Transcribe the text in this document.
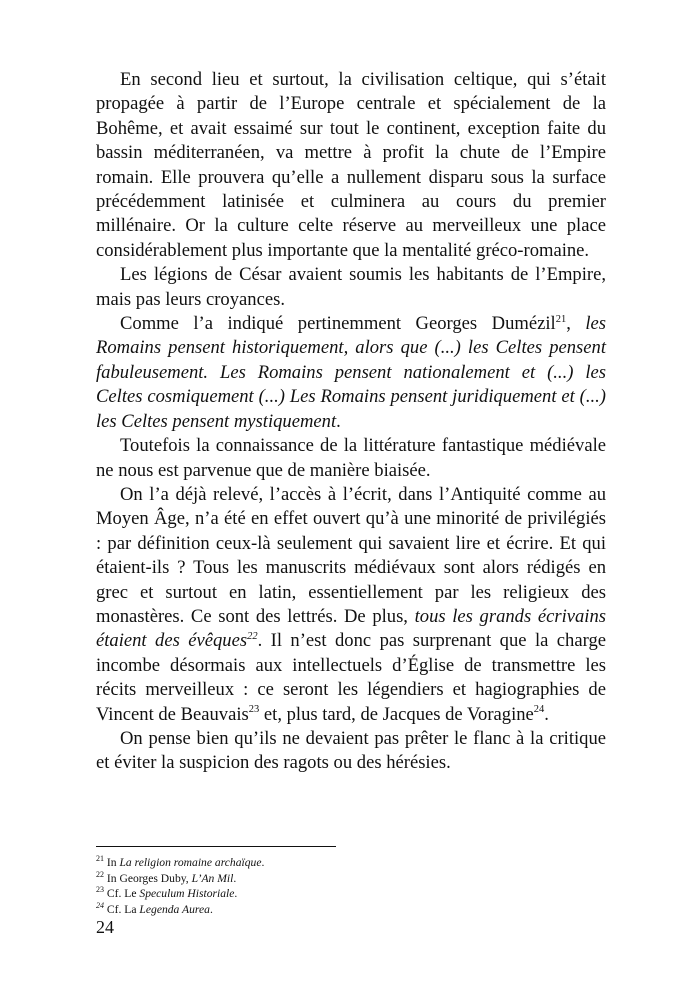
En second lieu et surtout, la civilisation celtique, qui s’était propagée à partir de l’Europe centrale et spécialement de la Bohême, et avait essaimé sur tout le continent, exception faite du bassin méditerranéen, va mettre à profit la chute de l’Empire romain. Elle prouvera qu’elle a nullement disparu sous la surface précédemment latinisée et culminera au cours du premier millénaire. Or la culture celte réserve au merveilleux une place considérablement plus importante que la mentalité gréco-romaine.

Les légions de César avaient soumis les habitants de l’Empire, mais pas leurs croyances.

Comme l’a indiqué pertinemment Georges Dumézil$^{21}$, les Romains pensent historiquement, alors que (...) les Celtes pensent fabuleusement. Les Romains pensent nationalement et (...) les Celtes cosmiquement (...) Les Romains pensent juridiquement et (...) les Celtes pensent mystiquement.

Toutefois la connaissance de la littérature fantastique médiévale ne nous est parvenue que de manière biaisée.

On l’a déjà relevé, l’accès à l’écrit, dans l’Antiquité comme au Moyen Âge, n’a été en effet ouvert qu’à une minorité de privilégiés : par définition ceux-là seulement qui savaient lire et écrire. Et qui étaient-ils ? Tous les manuscrits médiévaux sont alors rédigés en grec et surtout en latin, essentiellement par les religieux des monastères. Ce sont des lettrés. De plus, tous les grands écrivains étaient des évêques$^{22}$. Il n’est donc pas surprenant que la charge incombe désormais aux intellectuels d’Église de transmettre les récits merveilleux : ce seront les légendiers et hagiographies de Vincent de Beauvais$^{23}$ et, plus tard, de Jacques de Voragine$^{24}$.

On pense bien qu’ils ne devaient pas prêter le flanc à la critique et éviter la suspicion des ragots ou des hérésies.

$^{21}$ In La religion romaine archaïque.

$^{22}$ In Georges Duby, L’An Mil.

$^{23}$ Cf. Le Speculum Historiale.

$^{24}$ Cf. La Legenda Aurea.

24
